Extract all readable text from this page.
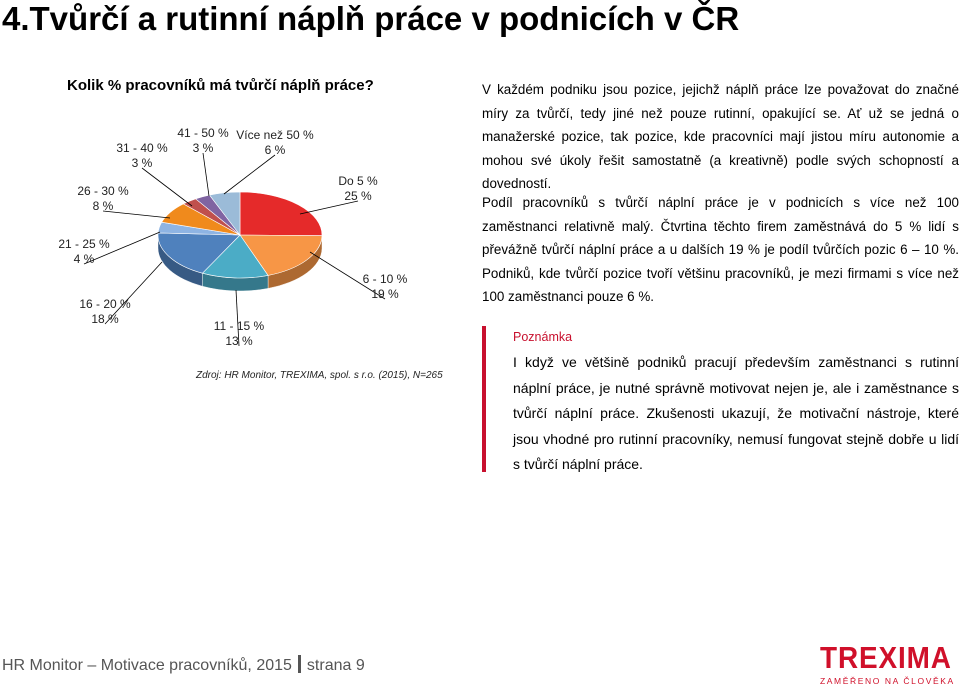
4.Tvůrčí a rutinní náplň práce v podnicích v ČR
Kolik % pracovníků má tvůrčí náplň práce?
Do 5 %
25 %
6 - 10 %
19 %
11 - 15 %
13 %
16 - 20 %
18 %
21 - 25 %
4 %
26 - 30 %
8 %
31 - 40 %
3 %
41 - 50 %
3 %
Více než 50 %
6 %
Zdroj: HR Monitor, TREXIMA, spol. s r.o. (2015), N=265
V každém podniku jsou pozice, jejichž náplň práce lze považovat do značné míry za tvůrčí, tedy jiné než pouze rutinní, opakující se. Ať už se jedná o manažerské pozice, tak pozice, kde pracovníci mají jistou míru autonomie a mohou své úkoly řešit samostatně (a kreativně) podle svých schopností a dovedností.
Podíl pracovníků s tvůrčí náplní práce je v podnicích s více než 100 zaměstnanci relativně malý. Čtvrtina těchto firem zaměstnává do 5 % lidí s převážně tvůrčí náplní práce a u dalších 19 % je podíl tvůrčích pozic 6 – 10 %. Podniků, kde tvůrčí pozice tvoří většinu pracovníků, je mezi firmami s více než 100 zaměstnanci pouze 6 %.
Poznámka
I když ve většině podniků pracují především zaměstnanci s rutinní náplní práce, je nutné správně motivovat nejen je, ale i zaměstnance s tvůrčí náplní práce. Zkušenosti ukazují, že motivační nástroje, které jsou vhodné pro rutinní pracovníky, nemusí fungovat stejně dobře u lidí s tvůrčí náplní práce.
HR Monitor – Motivace pracovníků, 2015 strana 9	TREXIMA
ZAMĚŘENO NA ČLOVĚKA
